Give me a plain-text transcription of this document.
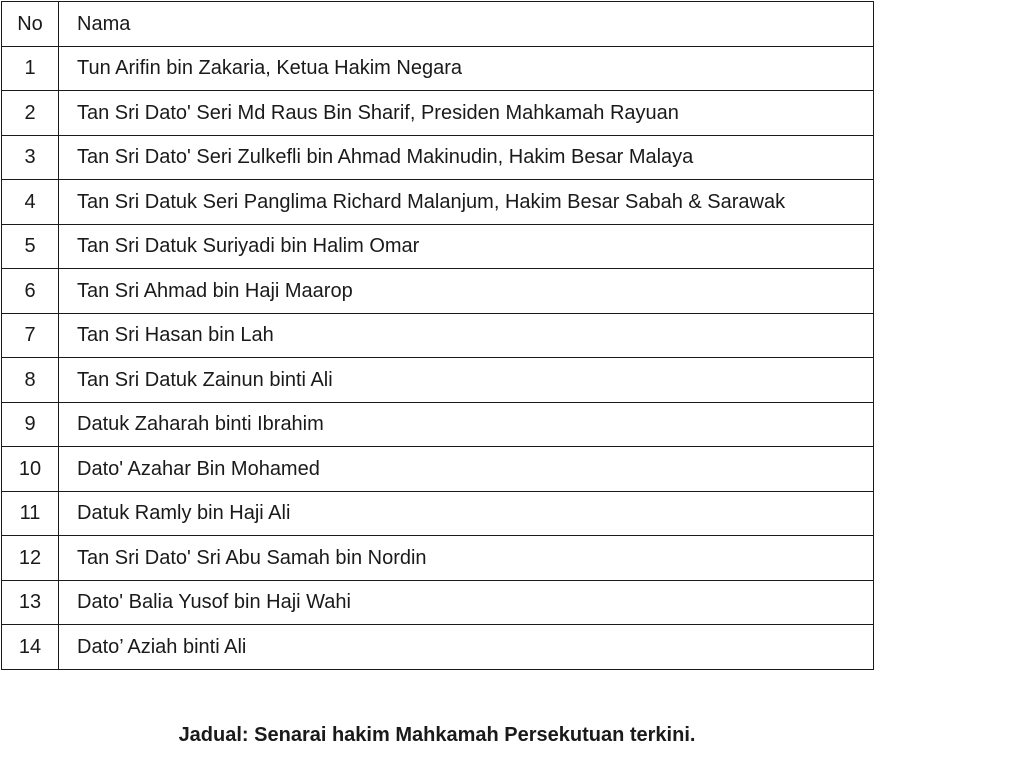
No	Nama
1	Tun Arifin bin Zakaria, Ketua Hakim Negara
2	Tan Sri Dato' Seri Md Raus Bin Sharif, Presiden Mahkamah Rayuan
3	Tan Sri Dato' Seri Zulkefli bin Ahmad Makinudin, Hakim Besar Malaya
4	Tan Sri Datuk Seri Panglima Richard Malanjum, Hakim Besar Sabah & Sarawak
5	Tan Sri Datuk Suriyadi bin Halim Omar
6	Tan Sri Ahmad bin Haji Maarop
7	Tan Sri Hasan bin Lah
8	Tan Sri Datuk Zainun binti Ali
9	Datuk Zaharah binti Ibrahim
10	Dato' Azahar Bin Mohamed
11	Datuk Ramly bin Haji Ali
12	Tan Sri Dato' Sri Abu Samah bin Nordin
13	Dato' Balia Yusof bin Haji Wahi
14	Dato’ Aziah binti Ali
Jadual: Senarai hakim Mahkamah Persekutuan terkini.
